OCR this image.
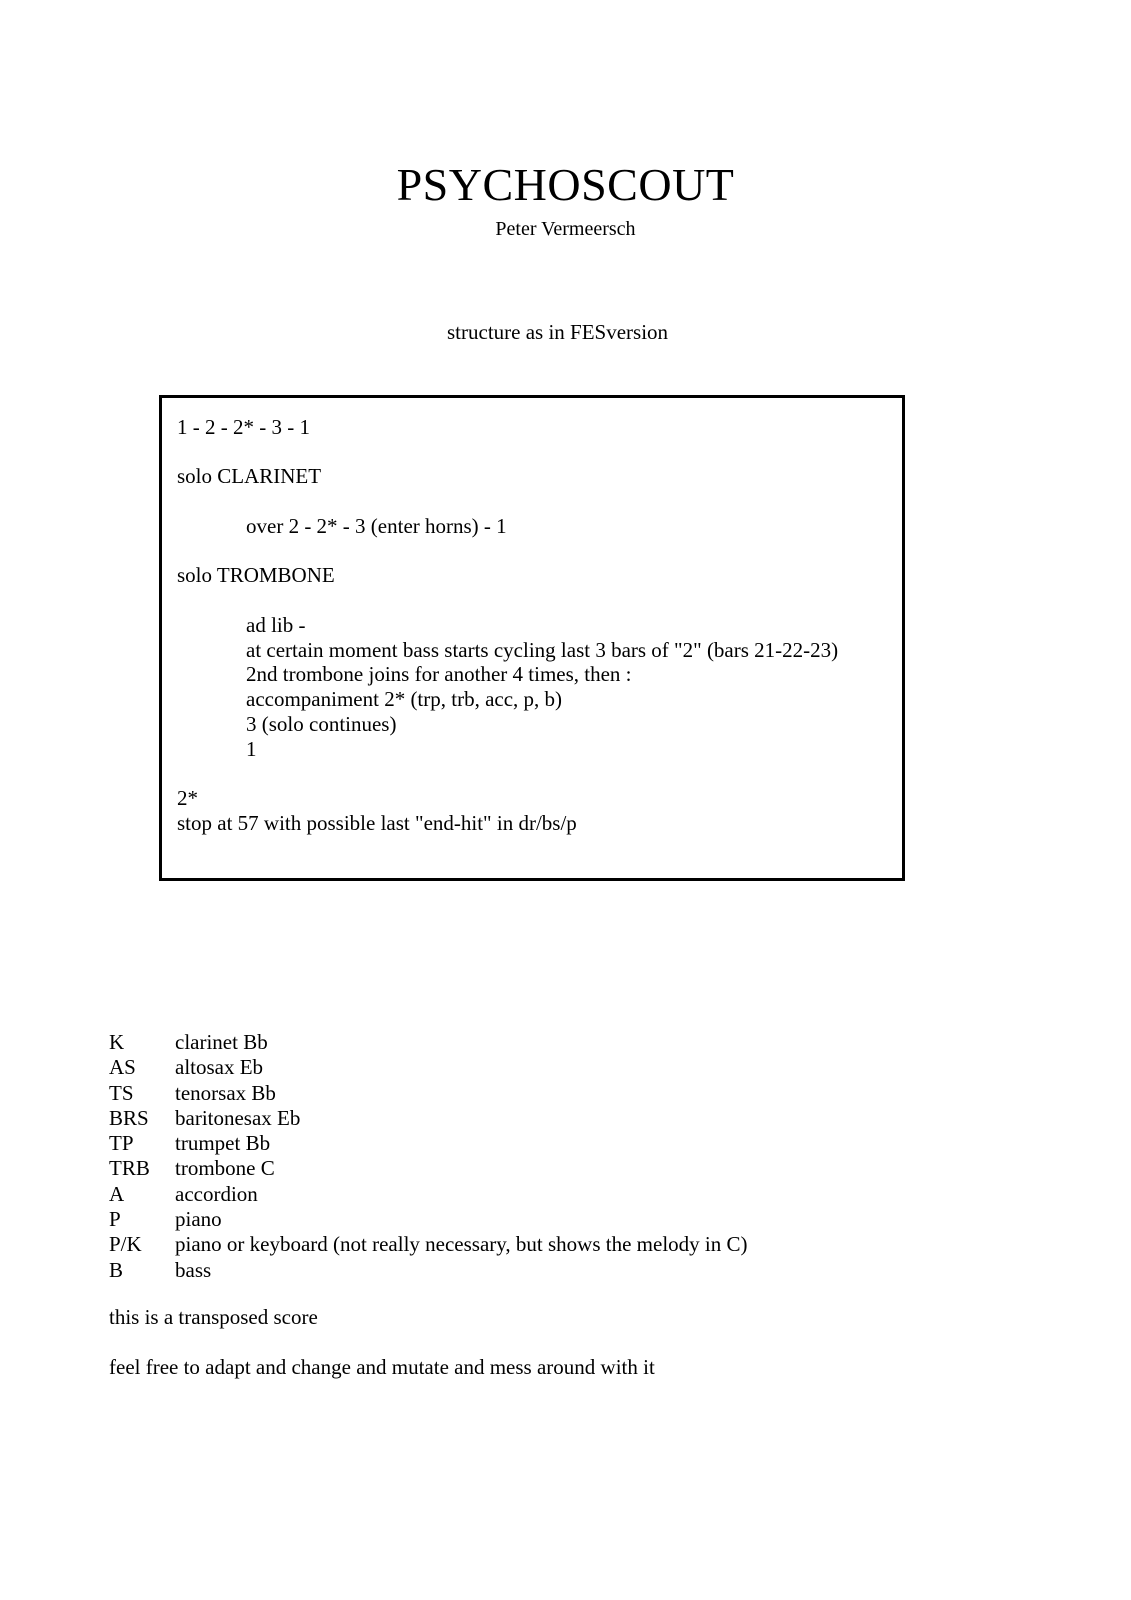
PSYCHOSCOUT
Peter Vermeersch
structure as in FESversion
1 - 2 - 2* - 3 - 1
solo CLARINET
over 2 - 2* - 3 (enter horns) - 1
solo TROMBONE
ad lib -
at certain moment bass starts cycling last 3 bars of "2" (bars 21-22-23)
2nd trombone joins for another 4 times, then :
accompaniment 2* (trp, trb, acc, p, b)
3 (solo continues)
1
2*
stop at 57 with possible last "end-hit" in dr/bs/p
K clarinet Bb
AS altosax Eb
TS tenorsax Bb
BRS baritonesax Eb
TP trumpet Bb
TRB trombone C
A accordion
P	piano
P/K piano or keyboard (not really necessary, but shows the melody in C)
B bass
this is a transposed score
feel free to adapt and change and mutate and mess around with it
